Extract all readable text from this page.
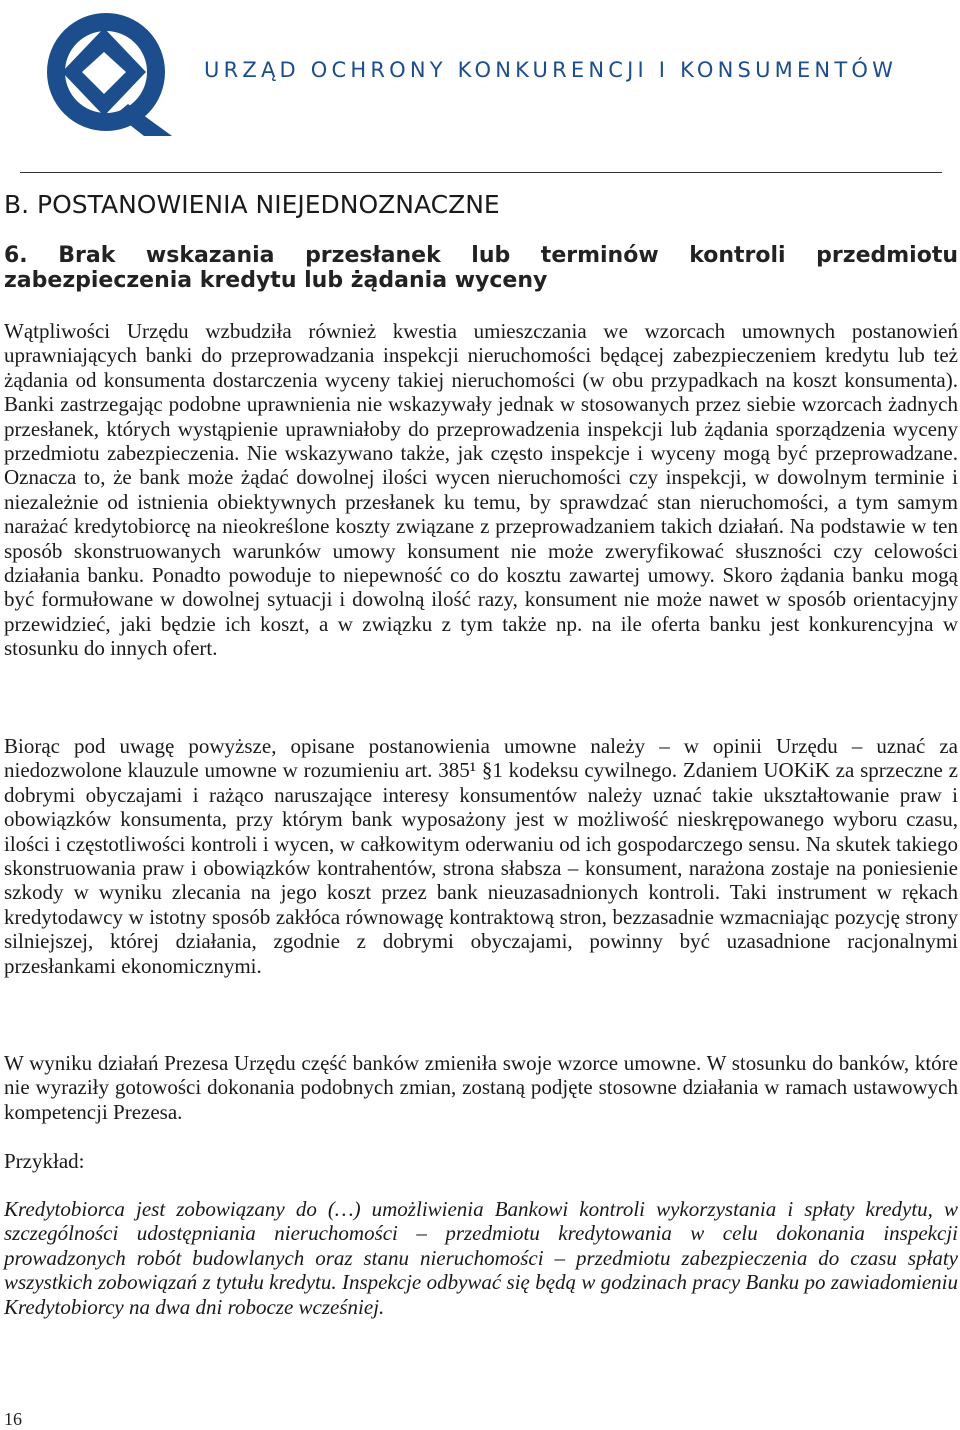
URZĄD OCHRONY KONKURENCJI I KONSUMENTÓW
B. POSTANOWIENIA NIEJEDNOZNACZNE
6. Brak wskazania przesłanek lub terminów kontroli przedmiotu zabezpieczenia kredytu lub żądania wyceny

Wątpliwości Urzędu wzbudziła również kwestia umieszczania we wzorcach umownych postanowień uprawniających banki do przeprowadzania inspekcji nieruchomości będącej zabezpieczeniem kredytu lub też żądania od konsumenta dostarczenia wyceny takiej nieruchomości (w obu przypadkach na koszt konsumenta). Banki zastrzegając podobne uprawnienia nie wskazywały jednak w stosowanych przez siebie wzorcach żadnych przesłanek, których wystąpienie uprawniałoby do przeprowadzenia inspekcji lub żądania sporządzenia wyceny przedmiotu zabezpieczenia. Nie wskazywano także, jak często inspekcje i wyceny mogą być przeprowadzane. Oznacza to, że bank może żądać dowolnej ilości wycen nieruchomości czy inspekcji, w dowolnym terminie i niezależnie od istnienia obiektywnych przesłanek ku temu, by sprawdzać stan nieruchomości, a tym samym narażać kredytobiorcę na nieokreślone koszty związane z przeprowadzaniem takich działań. Na podstawie w ten sposób skonstruowanych warunków umowy konsument nie może zweryfikować słuszności czy celowości działania banku. Ponadto powoduje to niepewność co do kosztu zawartej umowy. Skoro żądania banku mogą być formułowane w dowolnej sytuacji i dowolną ilość razy, konsument nie może nawet w sposób orientacyjny przewidzieć, jaki będzie ich koszt, a w związku z tym także np. na ile oferta banku jest konkurencyjna w stosunku do innych ofert.

Biorąc pod uwagę powyższe, opisane postanowienia umowne należy – w opinii Urzędu – uznać za niedozwolone klauzule umowne w rozumieniu art. 385¹ §1 kodeksu cywilnego. Zdaniem UOKiK za sprzeczne z dobrymi obyczajami i rażąco naruszające interesy konsumentów należy uznać takie ukształtowanie praw i obowiązków konsumenta, przy którym bank wyposażony jest w możliwość nieskrępowanego wyboru czasu, ilości i częstotliwości kontroli i wycen, w całkowitym oderwaniu od ich gospodarczego sensu. Na skutek takiego skonstruowania praw i obowiązków kontrahentów, strona słabsza – konsument, narażona zostaje na poniesienie szkody w wyniku zlecania na jego koszt przez bank nieuzasadnionych kontroli. Taki instrument w rękach kredytodawcy w istotny sposób zakłóca równowagę kontraktową stron, bezzasadnie wzmacniając pozycję strony silniejszej, której działania, zgodnie z dobrymi obyczajami, powinny być uzasadnione racjonalnymi przesłankami ekonomicznymi.

W wyniku działań Prezesa Urzędu część banków zmieniła swoje wzorce umowne. W stosunku do banków, które nie wyraziły gotowości dokonania podobnych zmian, zostaną podjęte stosowne działania w ramach ustawowych kompetencji Prezesa.

Przykład:

Kredytobiorca jest zobowiązany do (…) umożliwienia Bankowi kontroli wykorzystania i spłaty kredytu, w szczególności udostępniania nieruchomości – przedmiotu kredytowania w celu dokonania inspekcji prowadzonych robót budowlanych oraz stanu nieruchomości – przedmiotu zabezpieczenia do czasu spłaty wszystkich zobowiązań z tytułu kredytu. Inspekcje odbywać się będą w godzinach pracy Banku po zawiadomieniu Kredytobiorcy na dwa dni robocze wcześniej.

16
